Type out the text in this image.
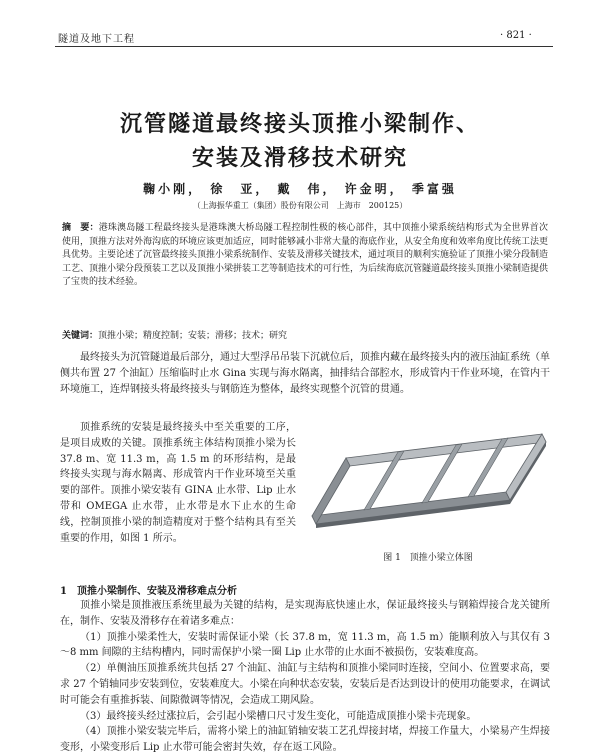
隧道及地下工程	· 821 ·
沉管隧道最终接头顶推小梁制作、
安装及滑移技术研究
鞠小刚， 徐　亚， 戴　伟， 许金明， 季富强
（上海振华重工（集团）股份有限公司　上海市　200125）
摘　要：港珠澳岛隧工程最终接头是港珠澳大桥岛隧工程控制性极的核心部件，其中顶推小梁系统结构形式为全世界首次使用，顶推方法对外海沟底的环境应该更加适应，同时能够减小非常大量的海底作业，从安全角度和效率角度比传统工法更具优势。主要论述了沉管最终接头顶推小梁系统制作、安装及滑移关键技术，通过项目的顺利实施验证了顶推小梁分段制造工艺、顶推小梁分段预装工艺以及顶推小梁拼装工艺等制造技术的可行性，为后续海底沉管隧道最终接头顶推小梁制造提供了宝贵的技术经验。
关键词：顶推小梁；精度控制；安装；滑移；技术；研究
最终接头为沉管隧道最后部分，通过大型浮吊吊装下沉就位后，顶推内藏在最终接头内的液压油缸系统（单侧共布置 27 个油缸）压缩临时止水 Gina 实现与海水隔离，抽排结合部腔水，形成管内干作业环境，在管内干环境施工，连焊钢接头将最终接头与钢筋连为整体，最终实现整个沉管的贯通。
顶推系统的安装是最终接头中至关重要的工序，是项目成败的关键。顶推系统主体结构顶推小梁为长 37.8 m、宽 11.3 m，高 1.5 m 的环形结构，是最终接头实现与海水隔离、形成管内干作业环境至关重要的部件。顶推小梁安装有 GINA 止水带、Lip 止水带和 OMEGA 止水带，止水带是水下止水的生命线，控制顶推小梁的制造精度对于整个结构具有至关重要的作用，如图 1 所示。
图 1　顶推小梁立体图
1　顶推小梁制作、安装及滑移难点分析

顶推小梁是顶推液压系统里最为关键的结构，是实现海底快速止水，保证最终接头与钢箱焊接合龙关键所在，制作、安装及滑移存在着诸多难点：

（1）顶推小梁柔性大，安装时需保证小梁（长 37.8 m，宽 11.3 m，高 1.5 m）能顺利放入与其仅有 3～8 mm 间隙的主结构槽内，同时需保护小梁一圈 Lip 止水带的止水面不被损伤，安装难度高。

（2）单侧油压顶推系统共包括 27 个油缸、油缸与主结构和顶推小梁同时连接，空间小、位置要求高，要求 27 个销轴同步安装到位，安装难度大。小梁在向种状态安装，安装后是否达到设计的使用功能要求，在调试时可能会有重推拆装、间隙微调等情况，会造成工期风险。

（3）最终接头经过涨拉后，会引起小梁槽口尺寸发生变化，可能造成顶推小梁卡壳现象。

（4）顶推小梁安装完毕后，需将小梁上的油缸销轴安装工艺孔焊接封堵，焊接工作量大，小梁易产生焊接变形，小梁变形后 Lip 止水带可能会密封失效，存在返工风险。
